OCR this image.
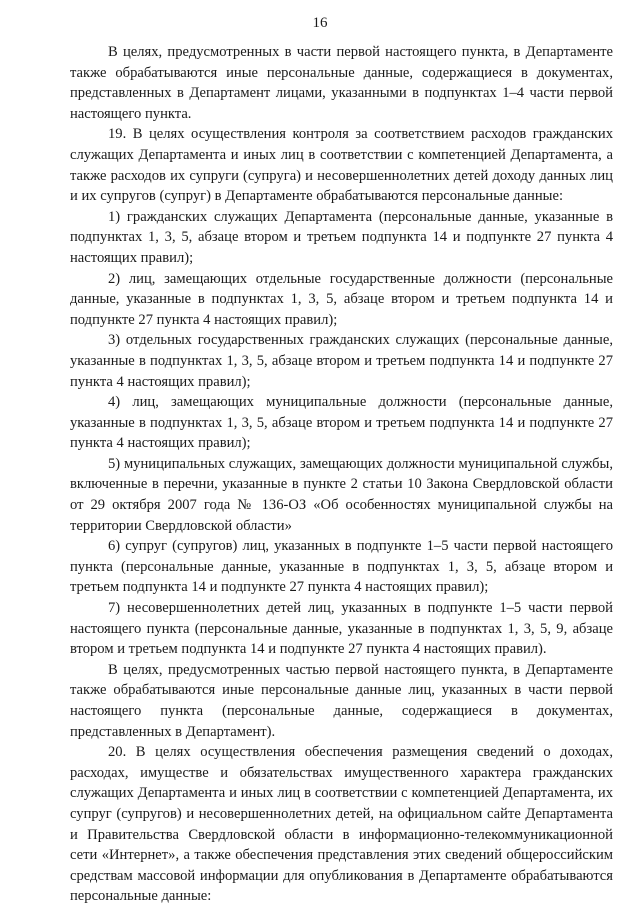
16

В целях, предусмотренных в части первой настоящего пункта, в Департаменте также обрабатываются иные персональные данные, содержащиеся в документах, представленных в Департамент лицами, указанными в подпунктах 1–4 части первой настоящего пункта.

19. В целях осуществления контроля за соответствием расходов гражданских служащих Департамента и иных лиц в соответствии с компетенцией Департамента, а также расходов их супруги (супруга) и несовершеннолетних детей доходу данных лиц и их супругов (супруг) в Департаменте обрабатываются персональные данные:

1) гражданских служащих Департамента (персональные данные, указанные в подпунктах 1, 3, 5, абзаце втором и третьем подпункта 14 и подпункте 27 пункта 4 настоящих правил);

2) лиц, замещающих отдельные государственные должности (персональные данные, указанные в подпунктах 1, 3, 5, абзаце втором и третьем подпункта 14 и подпункте 27 пункта 4 настоящих правил);

3) отдельных государственных гражданских служащих (персональные данные, указанные в подпунктах 1, 3, 5, абзаце втором и третьем подпункта 14 и подпункте 27 пункта 4 настоящих правил);

4) лиц, замещающих муниципальные должности (персональные данные, указанные в подпунктах 1, 3, 5, абзаце втором и третьем подпункта 14 и подпункте 27 пункта 4 настоящих правил);

5) муниципальных служащих, замещающих должности муниципальной службы, включенные в перечни, указанные в пункте 2 статьи 10 Закона Свердловской области от 29 октября 2007 года № 136-ОЗ «Об особенностях муниципальной службы на территории Свердловской области»

6) супруг (супругов) лиц, указанных в подпункте 1–5 части первой настоящего пункта (персональные данные, указанные в подпунктах 1, 3, 5, абзаце втором и третьем подпункта 14 и подпункте 27 пункта 4 настоящих правил);

7) несовершеннолетних детей лиц, указанных в подпункте 1–5 части первой настоящего пункта (персональные данные, указанные в подпунктах 1, 3, 5, 9, абзаце втором и третьем подпункта 14 и подпункте 27 пункта 4 настоящих правил).

В целях, предусмотренных частью первой настоящего пункта, в Департаменте также обрабатываются иные персональные данные лиц, указанных в части первой настоящего пункта (персональные данные, содержащиеся в документах, представленных в Департамент).

20. В целях осуществления обеспечения размещения сведений о доходах, расходах, имуществе и обязательствах имущественного характера гражданских служащих Департамента и иных лиц в соответствии с компетенцией Департамента, их супруг (супругов) и несовершеннолетних детей, на официальном сайте Департамента и Правительства Свердловской области в информационно-телекоммуникационной сети «Интернет», а также обеспечения представления этих сведений общероссийским средствам массовой информации для опубликования в Департаменте обрабатываются персональные данные:
